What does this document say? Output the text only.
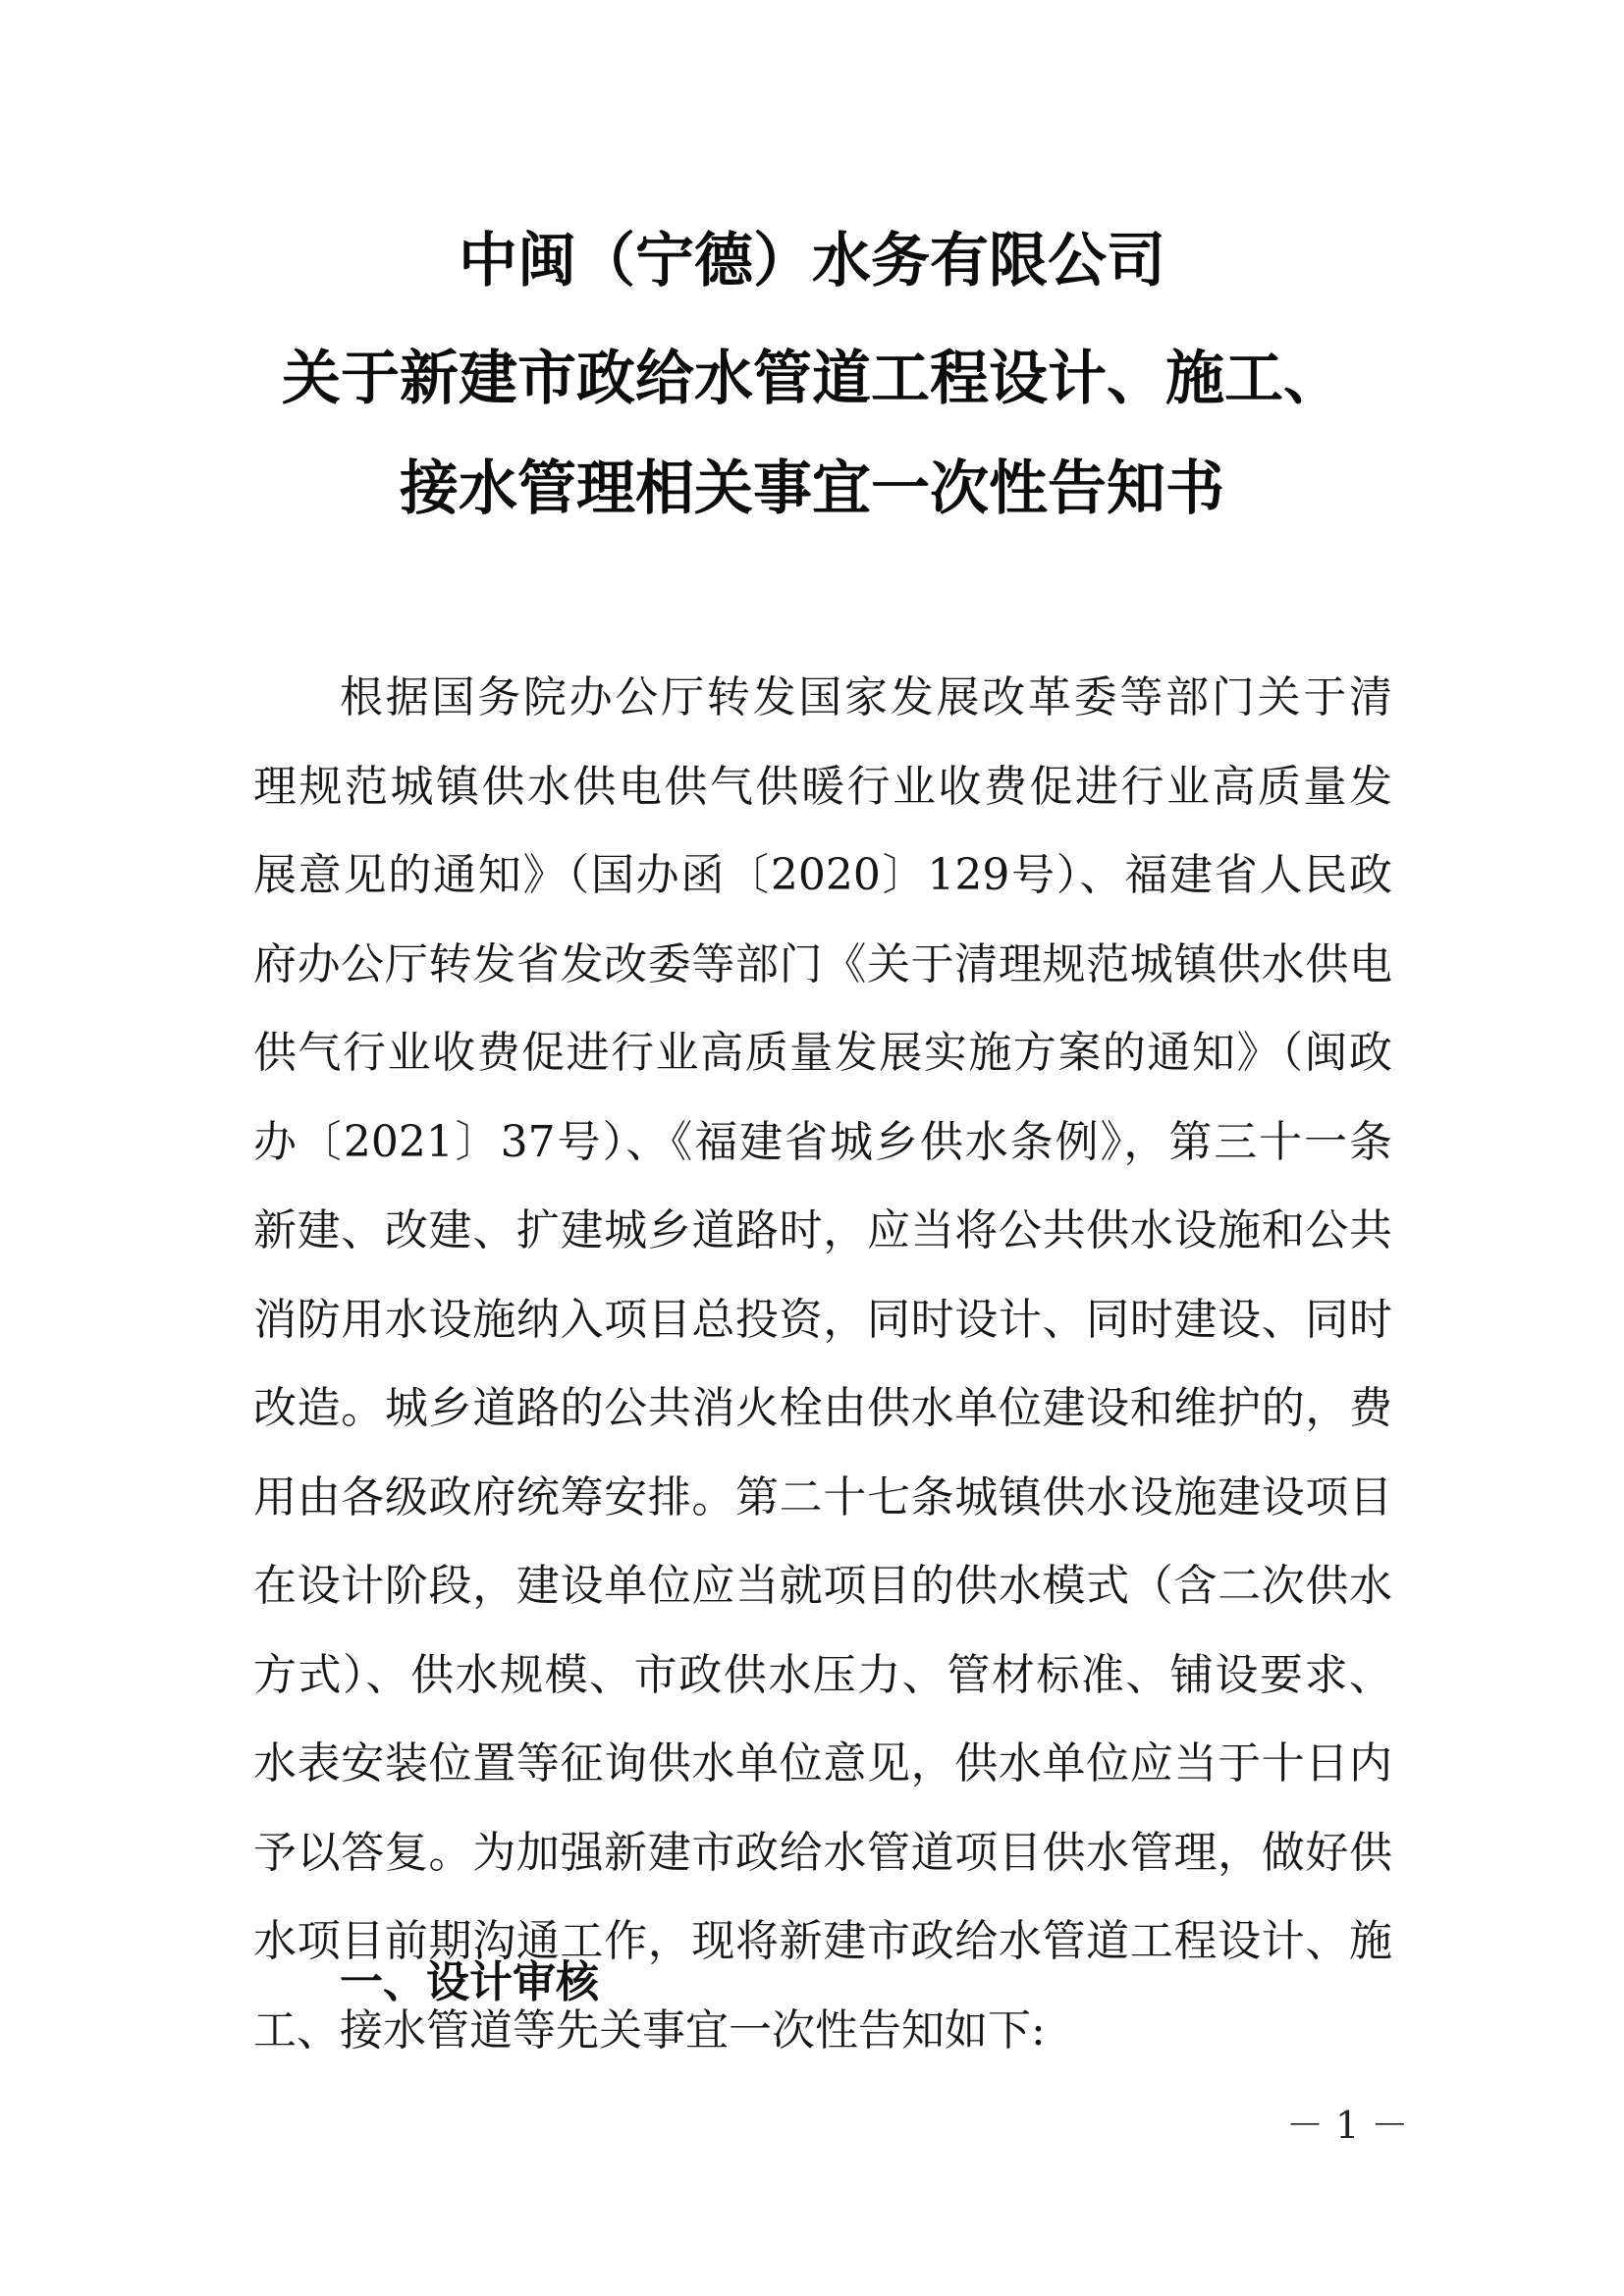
中闽（宁德）水务有限公司
关于新建市政给水管道工程设计、施工、
接水管理相关事宜一次性告知书
根据国务院办公厅转发国家发展改革委等部门关于清
理规范城镇供水供电供气供暖行业收费促进行业高质量发
展意见的通知》（国办函〔2020〕129号）、福建省人民政
府办公厅转发省发改委等部门《关于清理规范城镇供水供电
供气行业收费促进行业高质量发展实施方案的通知》（闽政
办〔2021〕37号）、《福建省城乡供水条例》，第三十一条
新建、改建、扩建城乡道路时，应当将公共供水设施和公共
消防用水设施纳入项目总投资，同时设计、同时建设、同时
改造。城乡道路的公共消火栓由供水单位建设和维护的，费
用由各级政府统筹安排。第二十七条城镇供水设施建设项目
在设计阶段，建设单位应当就项目的供水模式（含二次供水
方式）、供水规模、市政供水压力、管材标准、铺设要求、
水表安装位置等征询供水单位意见，供水单位应当于十日内
予以答复。为加强新建市政给水管道项目供水管理，做好供
水项目前期沟通工作，现将新建市政给水管道工程设计、施
工、接水管道等先关事宜一次性告知如下:
一、设计审核
－ 1 －
